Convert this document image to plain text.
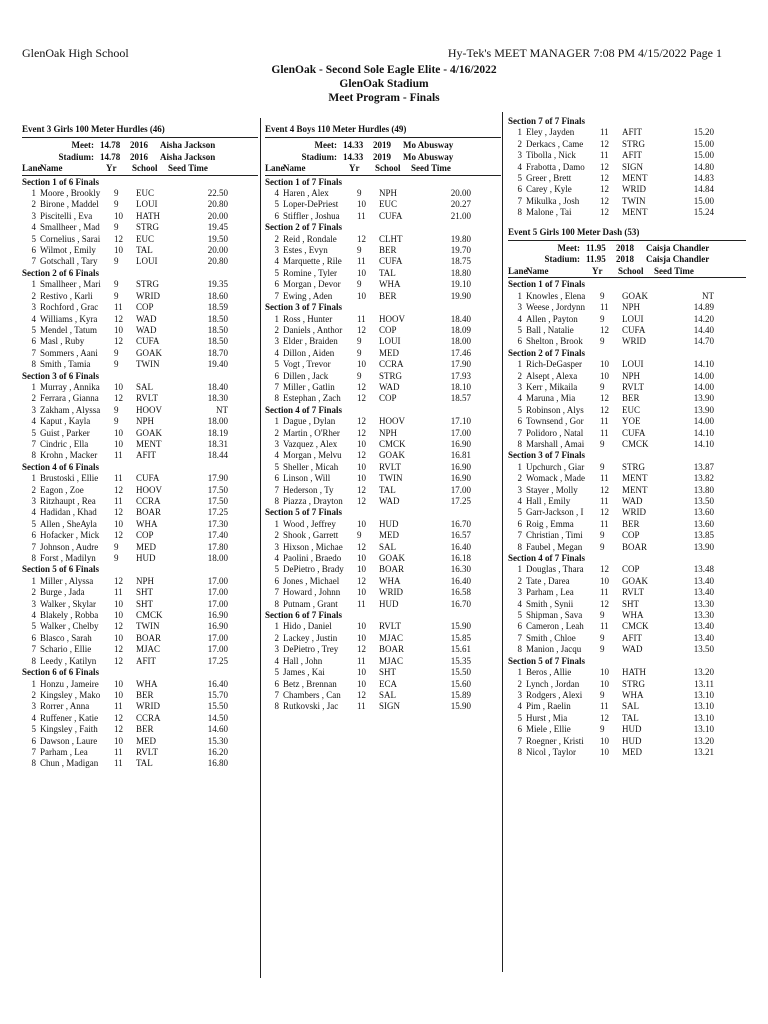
GlenOak High School	Hy-Tek's MEET MANAGER 7:08 PM 4/15/2022 Page 1
GlenOak - Second Sole Eagle Elite - 4/16/2022
GlenOak Stadium
Meet Program - Finals
Event 3 Girls 100 Meter Hurdles (46)
Meet: 14.78	2016	Aisha Jackson
Stadium: 14.78	2016	Aisha Jackson
Lane
Name	Yr	School	Seed Time
Section 1 of 6 Finals
1 Moore , Brookly	9	EUC	22.50
2 Birone , Maddel	9	LOUI	20.80
3 Piscitelli , Eva	10	HATH	20.00
4 Smallheer , Mad	9	STRG	19.45
5 Cornelius , Sarai	12	EUC	19.50
6 Wilmot , Emily	10	TAL	20.00
7 Gotschall , Tary	9	LOUI	20.80
Section 2 of 6 Finals
1 Smallheer , Mari	9	STRG	19.35
2 Restivo , Karli	9	WRID	18.60
3 Rochford , Grac	11	COP	18.59
4 Williams , Kyra	12	WAD	18.50
5 Mendel , Tatum	10	WAD	18.50
6 Masl , Ruby	12	CUFA	18.50
7 Sommers , Aani	9	GOAK	18.70
8 Smith , Tamia	9	TWIN	19.40
Section 3 of 6 Finals
1 Murray , Annika	10	SAL	18.40
2 Ferrara , Gianna	12	RVLT	18.30
3 Zakham , Alyssa	9	HOOV	NT
4 Kaput , Kayla	9	NPH	18.00
5 Guist , Parker	10	GOAK	18.19
7 Cindric , Ella	10	MENT	18.31
8 Krohn , Macker	11	AFIT	18.44
Section 4 of 6 Finals
1 Brustoski , Ellie	11	CUFA	17.90
2 Eagon , Zoe	12	HOOV	17.50
3 Ritzhaupt , Rea	11	CCRA	17.50
4 Hadidan , Khad	12	BOAR	17.25
5 Allen , SheAyla	10	WHA	17.30
6 Hofacker , Mick	12	COP	17.40
7 Johnson , Audre	9	MED	17.80
8 Forst , Madilyn	9	HUD	18.00
Section 5 of 6 Finals
1 Miller , Alyssa	12	NPH	17.00
2 Burge , Jada	11	SHT	17.00
3 Walker , Skylar	10	SHT	17.00
4 Blakely , Robba	10	CMCK	16.90
5 Walker , Chelby	12	TWIN	16.90
6 Blasco , Sarah	10	BOAR	17.00
7 Schario , Ellie	12	MJAC	17.00
8 Leedy , Katilyn	12	AFIT	17.25
Section 6 of 6 Finals
1 Honzu , Jameire	10	WHA	16.40
2 Kingsley , Mako	10	BER	15.70
3 Rorrer , Anna	11	WRID	15.50
4 Ruffener , Katie	12	CCRA	14.50
5 Kingsley , Faith	12	BER	14.60
6 Dawson , Laure	10	MED	15.30
7 Parham , Lea	11	RVLT	16.20
8 Chun , Madigan	11	TAL	16.80
Event 4 Boys 110 Meter Hurdles (49)
Meet: 14.33	2019	Mo Abusway
Stadium: 14.33	2019	Mo Abusway
Lane
Name	Yr	School	Seed Time
Section 1 of 7 Finals
4 Haren , Alex	9	NPH	20.00
5 Loper-DePriest	10	EUC	20.27
6 Stiffler , Joshua	11	CUFA	21.00
Section 2 of 7 Finals
2 Reid , Rondale	12	CLHT	19.80
3 Estes , Evyn	9	BER	19.70
4 Marquette , Rile	11	CUFA	18.75
5 Romine , Tyler	10	TAL	18.80
6 Morgan , Devor	9	WHA	19.10
7 Ewing , Aden	10	BER	19.90
Section 3 of 7 Finals
1 Ross , Hunter	11	HOOV	18.40
2 Daniels , Anthor	12	COP	18.09
3 Elder , Braiden	9	LOUI	18.00
4 Dillon , Aiden	9	MED	17.46
5 Vogt , Trevor	10	CCRA	17.90
6 Dillen , Jack	9	STRG	17.93
7 Miller , Gatlin	12	WAD	18.10
8 Estephan , Zach	12	COP	18.57
Section 4 of 7 Finals
1 Dague , Dylan	12	HOOV	17.10
2 Martin , O'Rher	12	NPH	17.00
3 Vazquez , Alex	10	CMCK	16.90
4 Morgan , Melvu	12	GOAK	16.81
5 Sheller , Micah	10	RVLT	16.90
6 Linson , Will	10	TWIN	16.90
7 Hederson , Ty	12	TAL	17.00
8 Piazza , Drayton	12	WAD	17.25
Section 5 of 7 Finals
1 Wood , Jeffrey	10	HUD	16.70
2 Shook , Garrett	9	MED	16.57
3 Hixson , Michae	12	SAL	16.40
4 Paolini , Braedo	10	GOAK	16.18
5 DePietro , Brady	10	BOAR	16.30
6 Jones , Michael	12	WHA	16.40
7 Howard , Johnn	10	WRID	16.58
8 Putnam , Grant	11	HUD	16.70
Section 6 of 7 Finals
1 Hido , Daniel	10	RVLT	15.90
2 Lackey , Justin	10	MJAC	15.85
3 DePietro , Trey	12	BOAR	15.61
4 Hall , John	11	MJAC	15.35
5 James , Kai	10	SHT	15.50
6 Betz , Brennan	10	ECA	15.60
7 Chambers , Can	12	SAL	15.89
8 Rutkovski , Jac	11	SIGN	15.90
Section 7 of 7 Finals
1 Eley , Jayden	11	AFIT	15.20
2 Derkacs , Came	12	STRG	15.00
3 Tibolla , Nick	11	AFIT	15.00
4 Frabotta , Damo	12	SIGN	14.80
5 Greer , Brett	12	MENT	14.83
6 Carey , Kyle	12	WRID	14.84
7 Mikulka , Josh	12	TWIN	15.00
8 Malone , Tai	12	MENT	15.24
Event 5 Girls 100 Meter Dash (53)
Meet: 11.95	2018	Caisja Chandler
Stadium: 11.95	2018	Caisja Chandler
Lane
Name	Yr	School	Seed Time
Section 1 of 7 Finals
1 Knowles , Elena	9	GOAK	NT
3 Weese , Jordynn	11	NPH	14.89
4 Allen , Payton	9	LOUI	14.20
5 Ball , Natalie	12	CUFA	14.40
6 Shelton , Brook	9	WRID	14.70
Section 2 of 7 Finals
1 Rich-DeGasper	10	LOUI	14.10
2 Alsept , Alexa	10	NPH	14.00
3 Kerr , Mikaila	9	RVLT	14.00
4 Maruna , Mia	12	BER	13.90
5 Robinson , Alys	12	EUC	13.90
6 Townsend , Gor	11	YOE	14.00
7 Polidoro , Natal	11	CUFA	14.10
8 Marshall , Amai	9	CMCK	14.10
Section 3 of 7 Finals
1 Upchurch , Giar	9	STRG	13.87
2 Womack , Made	11	MENT	13.82
3 Stayer , Molly	12	MENT	13.80
4 Hall , Emily	11	WAD	13.50
5 Garr-Jackson , I	12	WRID	13.60
6 Roig , Emma	11	BER	13.60
7 Christian , Timi	9	COP	13.85
8 Faubel , Megan	9	BOAR	13.90
Section 4 of 7 Finals
1 Douglas , Thara	12	COP	13.48
2 Tate , Darea	10	GOAK	13.40
3 Parham , Lea	11	RVLT	13.40
4 Smith , Synii	12	SHT	13.30
5 Shipman , Sava	9	WHA	13.30
6 Cameron , Leah	11	CMCK	13.40
7 Smith , Chloe	9	AFIT	13.40
8 Manion , Jacqu	9	WAD	13.50
Section 5 of 7 Finals
1 Beros , Allie	10	HATH	13.20
2 Lynch , Jordan	10	STRG	13.11
3 Rodgers , Alexi	9	WHA	13.10
4 Pim , Raelin	11	SAL	13.10
5 Hurst , Mia	12	TAL	13.10
6 Miele , Ellie	9	HUD	13.10
7 Roegner , Kristi	10	HUD	13.20
8 Nicol , Taylor	10	MED	13.21
